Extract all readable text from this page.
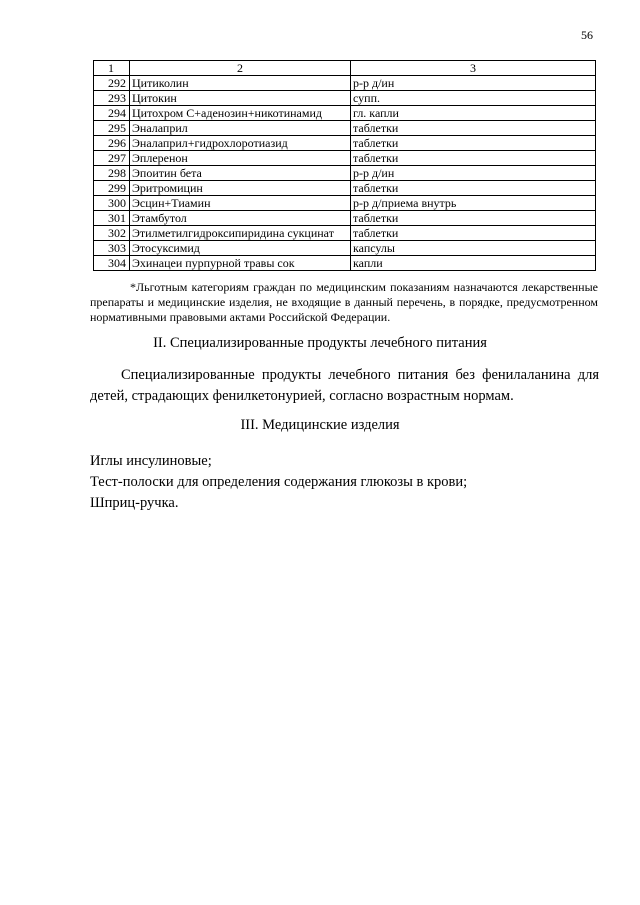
56
1	2	3
292	Цитиколин	р-р д/ин
293	Цитокин	супп.
294	Цитохром С+аденозин+никотинамид	гл. капли
295	Эналаприл	таблетки
296	Эналаприл+гидрохлоротиазид	таблетки
297	Эплеренон	таблетки
298	Эпоитин бета	р-р д/ин
299	Эритромицин	таблетки
300	Эсцин+Тиамин	р-р д/приема внутрь
301	Этамбутол	таблетки
302	Этилметилгидроксипиридина сукцинат	таблетки
303	Этосуксимид	капсулы
304	Эхинацеи пурпурной травы сок	капли
*Льготным категориям граждан по медицинским показаниям назначаются лекарственные препараты и медицинские изделия, не входящие в данный перечень, в порядке, предусмотренном нормативными правовыми актами Российской Федерации.
II. Специализированные продукты лечебного питания
Специализированные продукты лечебного питания без фенилаланина для детей, страдающих фенилкетонурией, согласно возрастным нормам.
III. Медицинские изделия
Иглы инсулиновые;
Тест-полоски для определения содержания глюкозы в крови;
Шприц-ручка.
